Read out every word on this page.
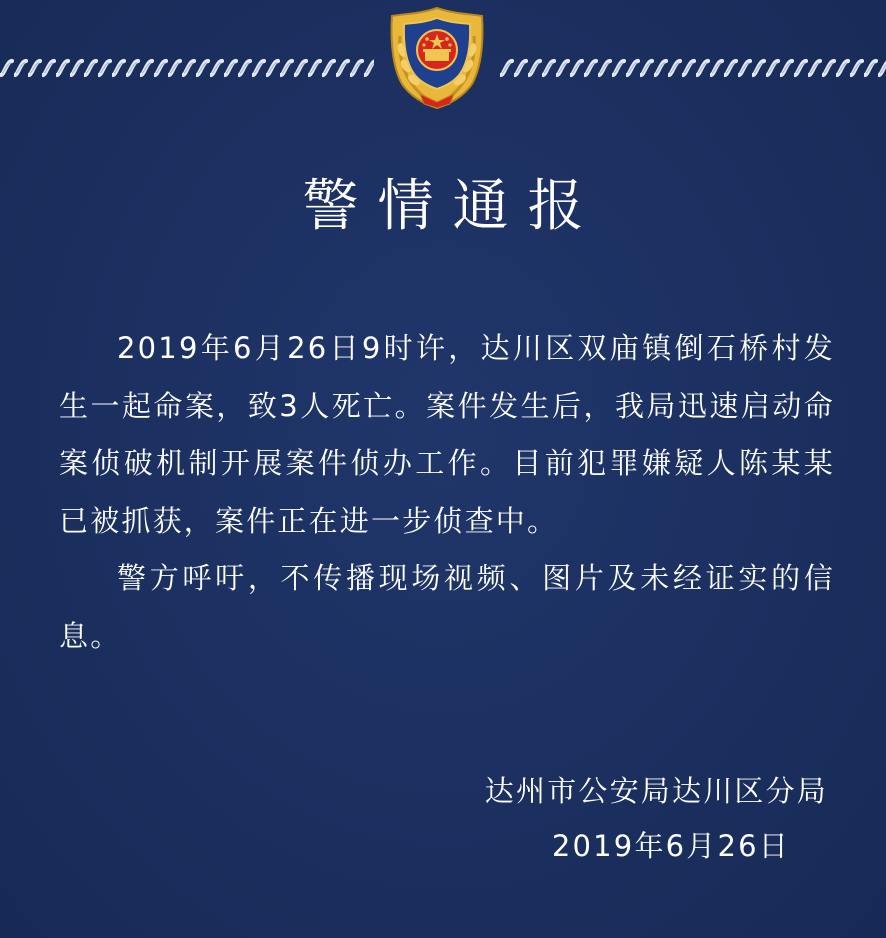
警情通报

2019年6月26日9时许，达川区双庙镇倒石桥村发生一起命案，致3人死亡。案件发生后，我局迅速启动命案侦破机制开展案件侦办工作。目前犯罪嫌疑人陈某某已被抓获，案件正在进一步侦查中。

警方呼吁，不传播现场视频、图片及未经证实的信息。

达州市公安局达川区分局
2019年6月26日
